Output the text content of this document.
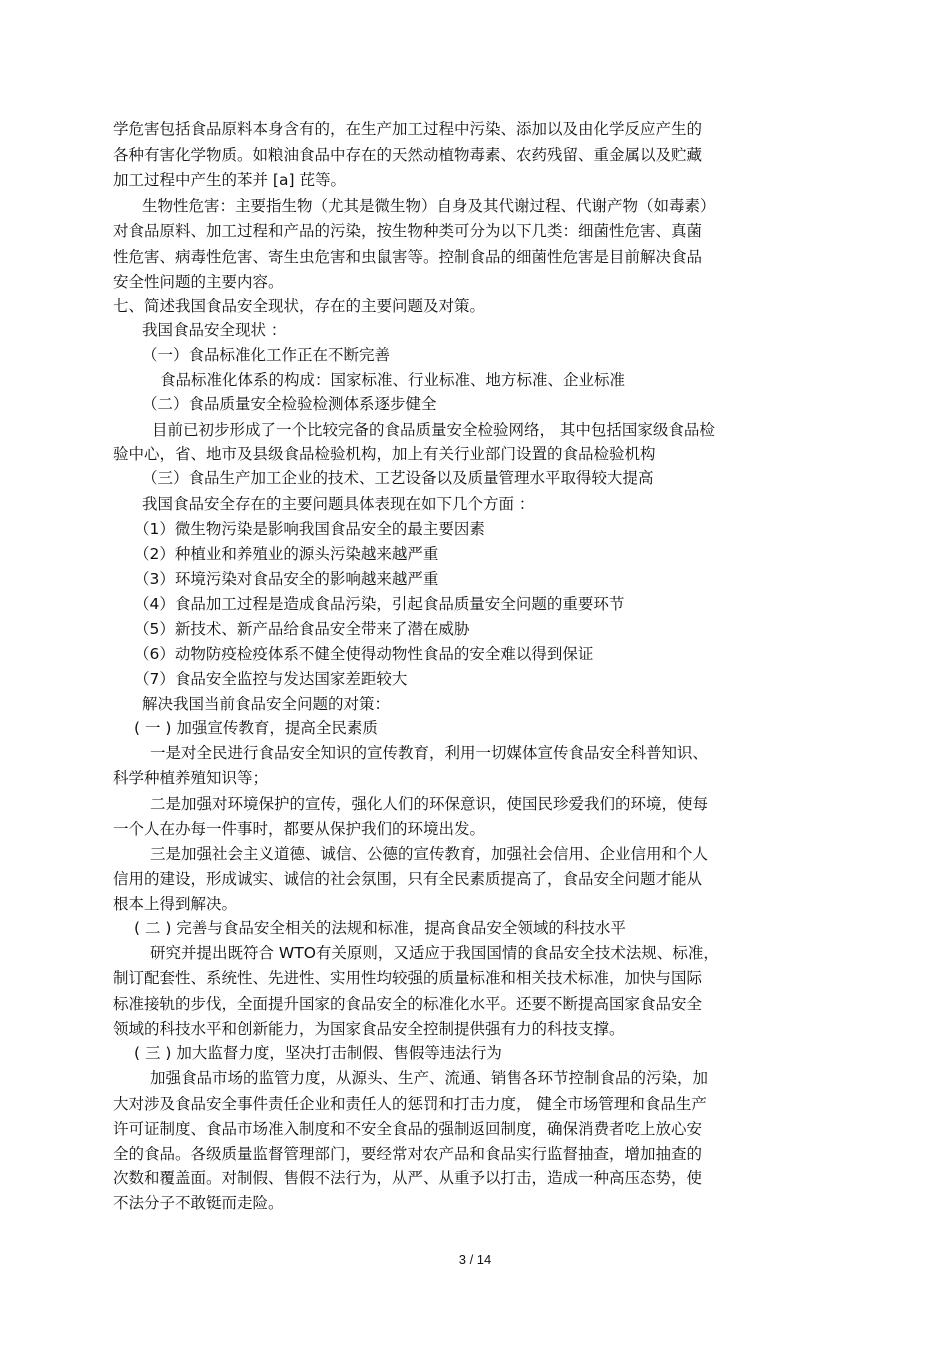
学危害包括食品原料本身含有的，在生产加工过程中污染、添加以及由化学反应产生的
各种有害化学物质。如粮油食品中存在的天然动植物毒素、农药残留、重金属以及贮藏
加工过程中产生的苯并 [a] 芘等。
生物性危害：主要指生物（尤其是微生物）自身及其代谢过程、代谢产物（如毒素）
对食品原料、加工过程和产品的污染，按生物种类可分为以下几类：细菌性危害、真菌
性危害、病毒性危害、寄生虫危害和虫鼠害等。控制食品的细菌性危害是目前解决食品
安全性问题的主要内容。
七、简述我国食品安全现状，存在的主要问题及对策。
我国食品安全现状 ：
（一）食品标准化工作正在不断完善
食品标准化体系的构成：国家标准、行业标准、地方标准、企业标准
（二）食品质量安全检验检测体系逐步健全
目前已初步形成了一个比较完备的食品质量安全检验网络， 其中包括国家级食品检
验中心，省、地市及县级食品检验机构，加上有关行业部门设置的食品检验机构
（三）食品生产加工企业的技术、工艺设备以及质量管理水平取得较大提高
我国食品安全存在的主要问题具体表现在如下几个方面 ：
（1）微生物污染是影响我国食品安全的最主要因素
（2）种植业和养殖业的源头污染越来越严重
（3）环境污染对食品安全的影响越来越严重
（4）食品加工过程是造成食品污染，引起食品质量安全问题的重要环节
（5）新技术、新产品给食品安全带来了潜在威胁
（6）动物防疫检疫体系不健全使得动物性食品的安全难以得到保证
（7）食品安全监控与发达国家差距较大
解决我国当前食品安全问题的对策：
( 一 ) 加强宣传教育，提高全民素质
一是对全民进行食品安全知识的宣传教育，利用一切媒体宣传食品安全科普知识、
科学种植养殖知识等；
二是加强对环境保护的宣传，强化人们的环保意识，使国民珍爱我们的环境，使每
一个人在办每一件事时，都要从保护我们的环境出发。
三是加强社会主义道德、诚信、公德的宣传教育，加强社会信用、企业信用和个人
信用的建设，形成诚实、诚信的社会氛围，只有全民素质提高了，食品安全问题才能从
根本上得到解决。
( 二 ) 完善与食品安全相关的法规和标准，提高食品安全领域的科技水平
研究并提出既符合 WTO有关原则，又适应于我国国情的食品安全技术法规、标准，
制订配套性、系统性、先进性、实用性均较强的质量标准和相关技术标准，加快与国际
标准接轨的步伐，全面提升国家的食品安全的标准化水平。还要不断提高国家食品安全
领域的科技水平和创新能力，为国家食品安全控制提供强有力的科技支撑。
( 三 ) 加大监督力度，坚决打击制假、售假等违法行为
加强食品市场的监管力度，从源头、生产、流通、销售各环节控制食品的污染，加
大对涉及食品安全事件责任企业和责任人的惩罚和打击力度， 健全市场管理和食品生产
许可证制度、食品市场准入制度和不安全食品的强制返回制度，确保消费者吃上放心安
全的食品。各级质量监督管理部门，要经常对农产品和食品实行监督抽查，增加抽查的
次数和覆盖面。对制假、售假不法行为，从严、从重予以打击，造成一种高压态势，使
不法分子不敢铤而走险。
3 / 14
